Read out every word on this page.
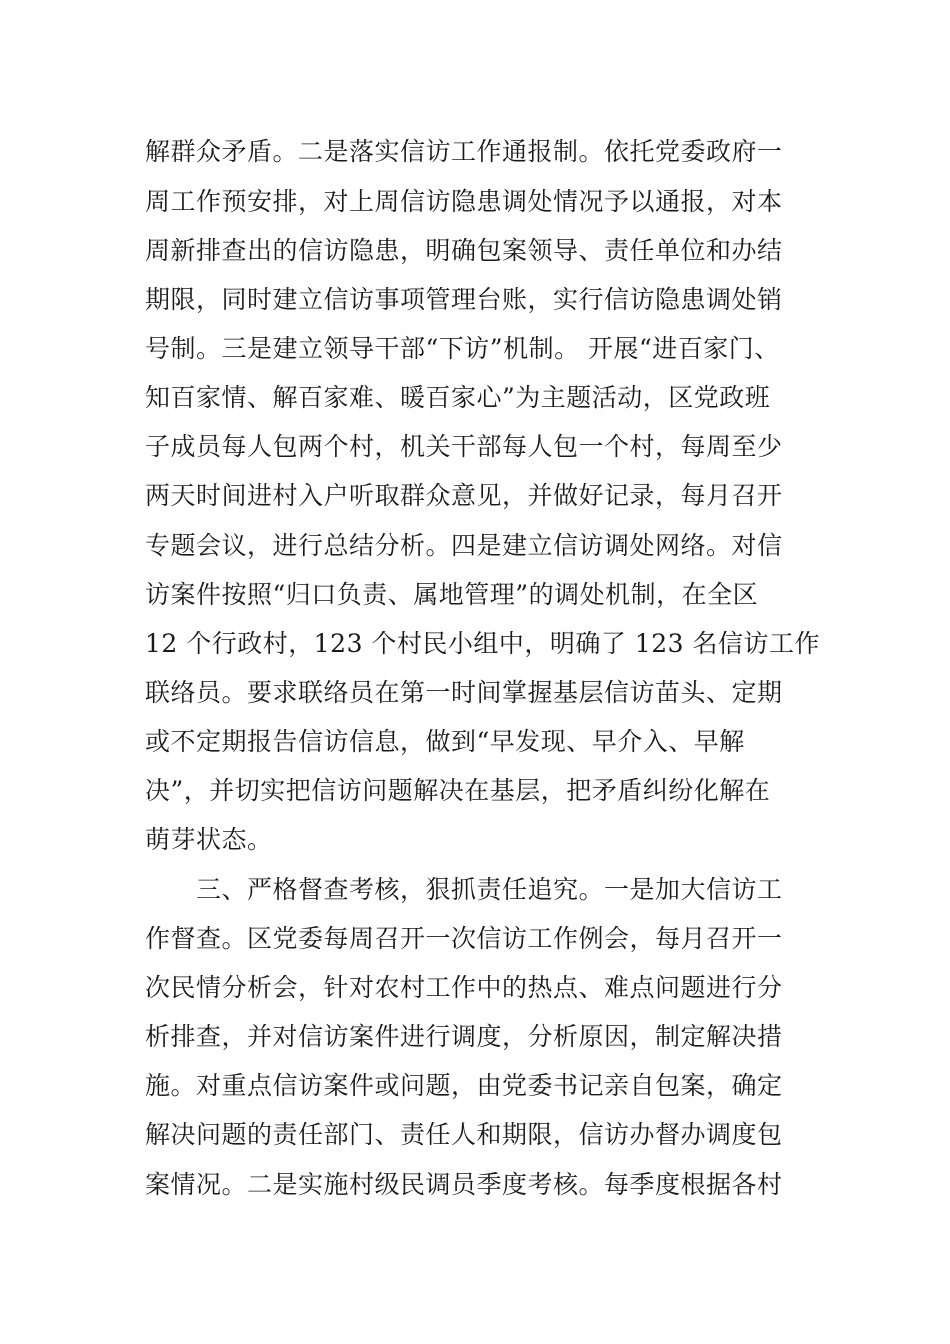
解群众矛盾。二是落实信访工作通报制。依托党委政府一
周工作预安排，对上周信访隐患调处情况予以通报，对本
周新排查出的信访隐患，明确包案领导、责任单位和办结
期限，同时建立信访事项管理台账，实行信访隐患调处销
号制。三是建立领导干部“下访”机制。 开展“进百家门、
知百家情、解百家难、暖百家心”为主题活动，区党政班
子成员每人包两个村，机关干部每人包一个村，每周至少
两天时间进村入户听取群众意见，并做好记录，每月召开
专题会议，进行总结分析。四是建立信访调处网络。对信
访案件按照“归口负责、属地管理”的调处机制，在全区
12 个行政村，123 个村民小组中，明确了 123 名信访工作
联络员。要求联络员在第一时间掌握基层信访苗头、定期
或不定期报告信访信息，做到“早发现、早介入、早解
决”，并切实把信访问题解决在基层，把矛盾纠纷化解在
萌芽状态。
三、严格督查考核，狠抓责任追究。一是加大信访工
作督查。区党委每周召开一次信访工作例会，每月召开一
次民情分析会，针对农村工作中的热点、难点问题进行分
析排查，并对信访案件进行调度，分析原因，制定解决措
施。对重点信访案件或问题，由党委书记亲自包案，确定
解决问题的责任部门、责任人和期限，信访办督办调度包
案情况。二是实施村级民调员季度考核。每季度根据各村
